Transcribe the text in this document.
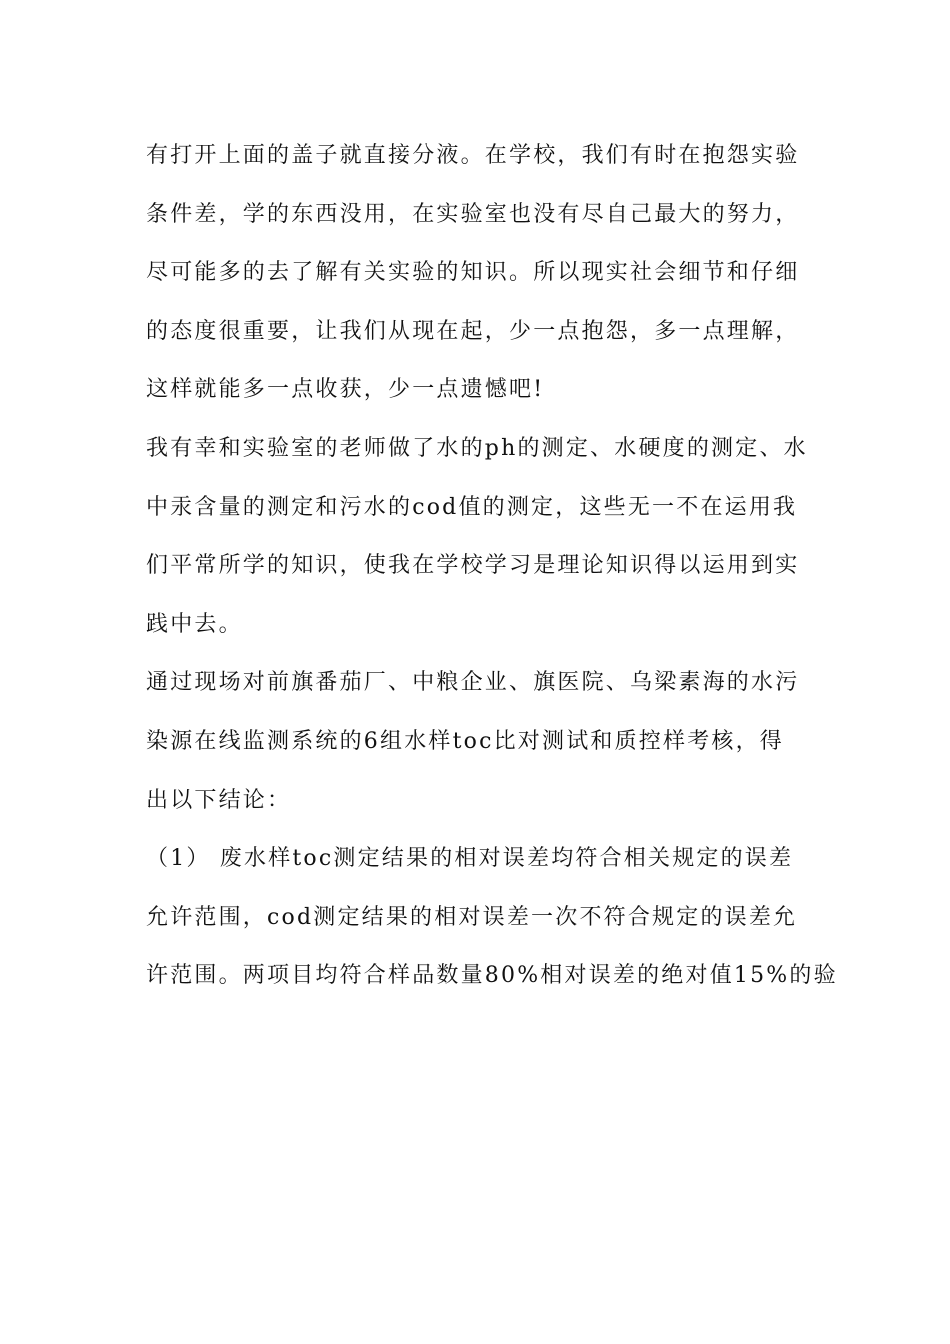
有打开上面的盖子就直接分液。在学校，我们有时在抱怨实验
条件差，学的东西没用，在实验室也没有尽自己最大的努力，
尽可能多的去了解有关实验的知识。所以现实社会细节和仔细
的态度很重要，让我们从现在起，少一点抱怨，多一点理解，
这样就能多一点收获，少一点遗憾吧!
我有幸和实验室的老师做了水的ph的测定、水硬度的测定、水
中汞含量的测定和污水的cod值的测定，这些无一不在运用我
们平常所学的知识，使我在学校学习是理论知识得以运用到实
践中去。
通过现场对前旗番茄厂、中粮企业、旗医院、乌梁素海的水污
染源在线监测系统的6组水样toc比对测试和质控样考核，得
出以下结论：
（1） 废水样toc测定结果的相对误差均符合相关规定的误差
允许范围，cod测定结果的相对误差一次不符合规定的误差允
许范围。两项目均符合样品数量80%相对误差的绝对值15%的验
